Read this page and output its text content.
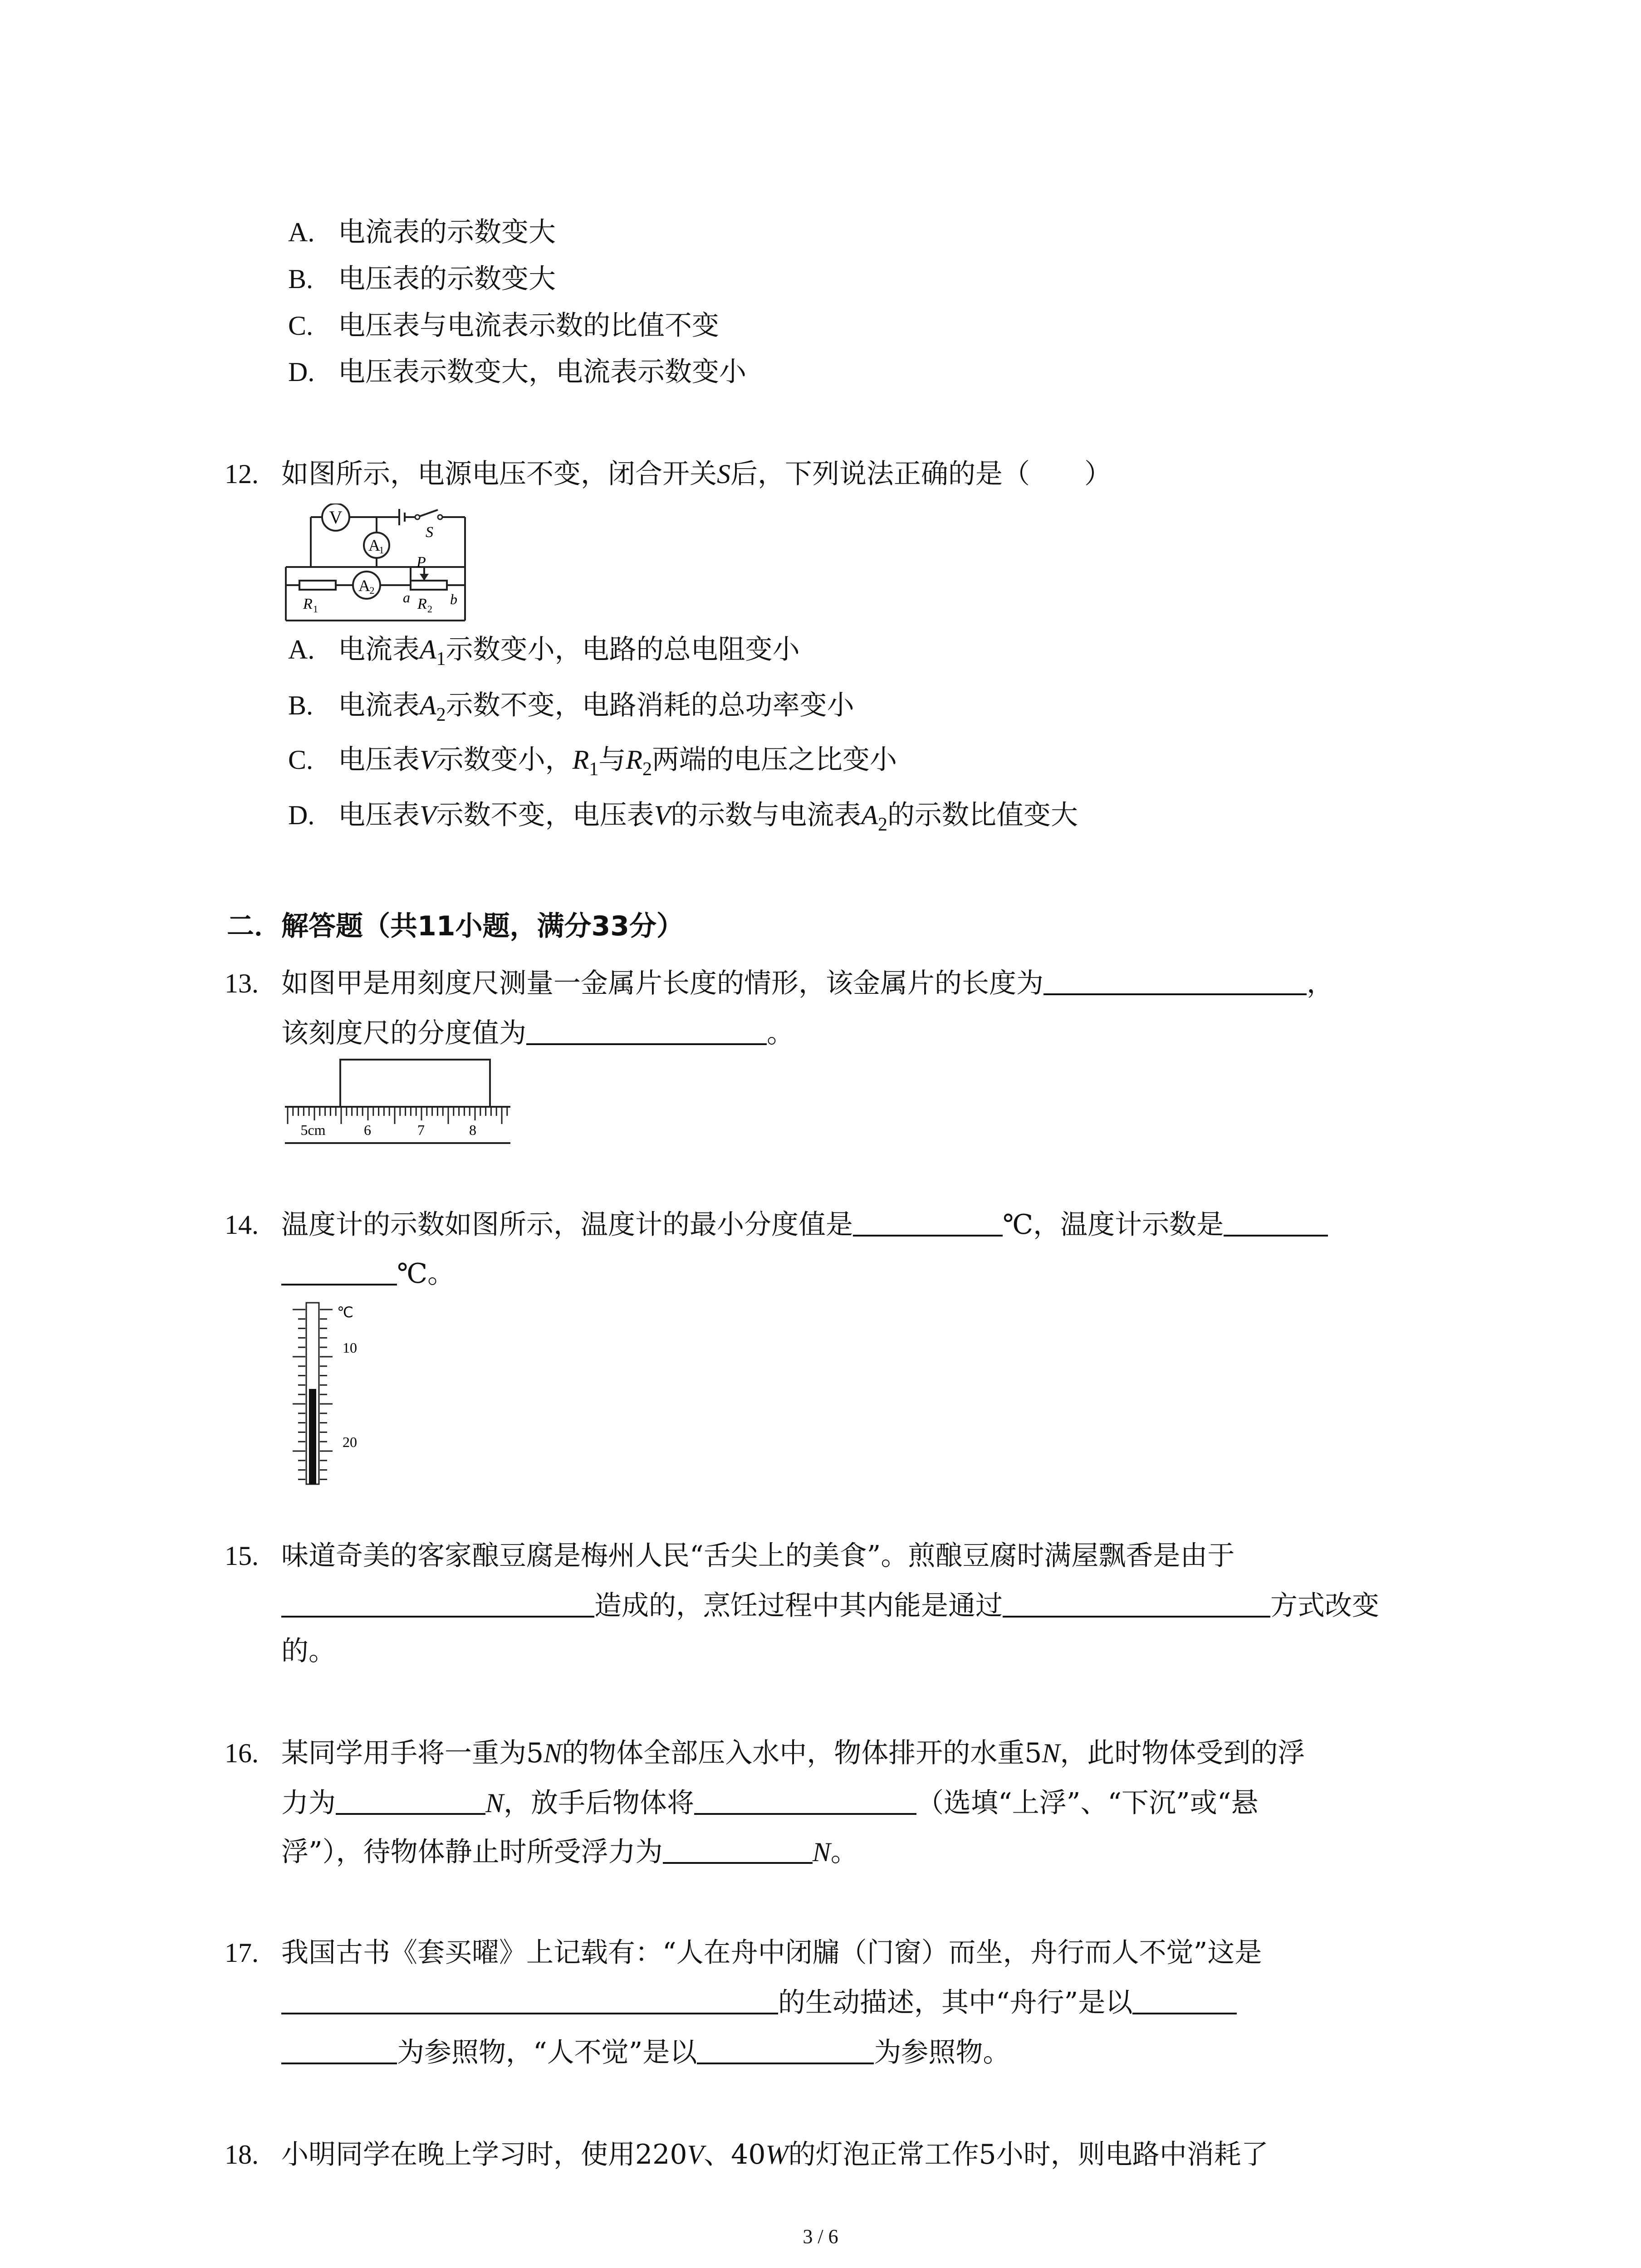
A. 电流表的示数变大
B. 电压表的示数变大
C. 电压表与电流表示数的比值不变
D. 电压表示数变大，电流表示数变小
12. 如图所示，电源电压不变，闭合开关S后，下列说法正确的是（　　）
V
A
1
A
2
S
P
R 1
a R 2
b
A. 电流表$A_1$示数变小，电路的总电阻变小
B. 电流表$A_2$示数不变，电路消耗的总功率变小
C. 电压表V示数变小，$R_1$与$R_2$两端的电压之比变小
D. 电压表V示数不变，电压表V的示数与电流表$A_2$的示数比值变大
二．解答题（共11小题，满分33分）
13. 如图甲是用刻度尺测量一金属片长度的情形，该金属片的长度为	，
该刻度尺的分度值为	。
5cm	6	7	8
14. 温度计的示数如图所示，温度计的最小分度值是	℃，温度计示数是
℃。
℃
10
20
15. 味道奇美的客家酿豆腐是梅州人民“舌尖上的美食”。煎酿豆腐时满屋飘香是由于
造成的，烹饪过程中其内能是通过	方式改变
的。
16. 某同学用手将一重为5N的物体全部压入水中，物体排开的水重5N，此时物体受到的浮
力为	N，放手后物体将	（选填“上浮”、“下沉”或“悬
浮”），待物体静止时所受浮力为	N。
17. 我国古书《套买曜》上记载有：“人在舟中闭牖（门窗）而坐，舟行而人不觉”这是
的生动描述，其中“舟行”是以
为参照物，“人不觉”是以	为参照物。
18. 小明同学在晚上学习时，使用220V、40W的灯泡正常工作5小时，则电路中消耗了
3 / 6
